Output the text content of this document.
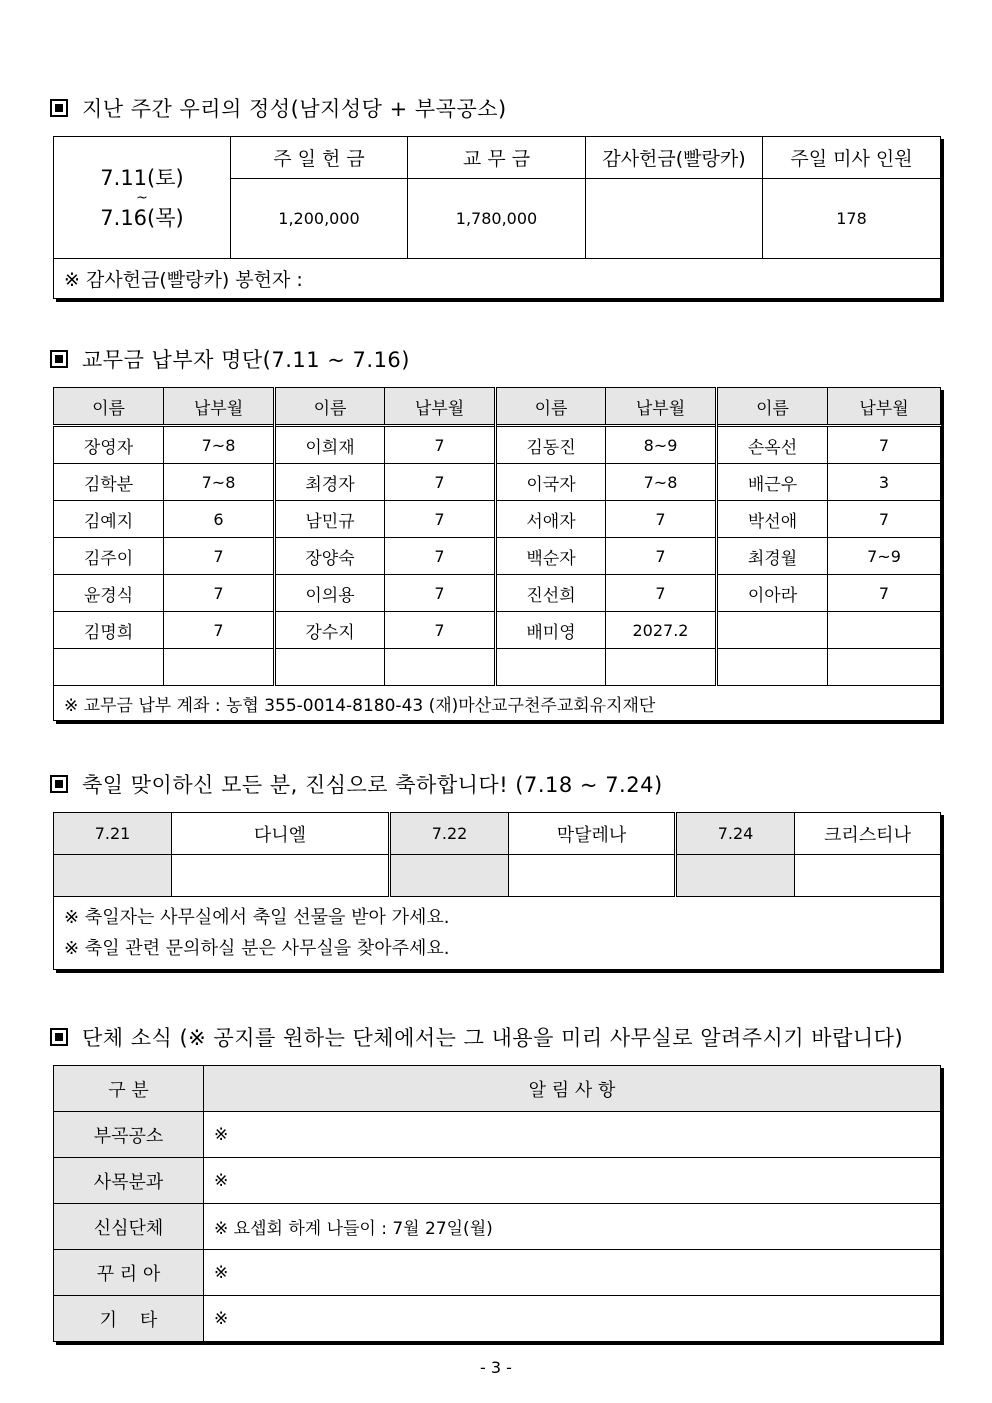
지난 주간 우리의 정성(남지성당 + 부곡공소)
7.11(토)
~
7.16(목)	주 일 헌 금	교 무 금	감사헌금(빨랑카)	주일 미사 인원
	1,200,000	1,780,000		178
※ 감사헌금(빨랑카) 봉헌자 :				
교무금 납부자 명단(7.11 ~ 7.16)
이름	납부월	이름	납부월	이름	납부월	이름	납부월
장영자	7~8	이희재	7	김동진	8~9	손옥선	7
김학분	7~8	최경자	7	이국자	7~8	배근우	3
김예지	6	남민규	7	서애자	7	박선애	7
김주이	7	장양숙	7	백순자	7	최경월	7~9
윤경식	7	이의용	7	진선희	7	이아라	7
김명희	7	강수지	7	배미영	2027.2		

※ 교무금 납부 계좌 : 농협 355-0014-8180-43 (재)마산교구천주교회유지재단							
축일 맞이하신 모든 분, 진심으로 축하합니다! (7.18 ~ 7.24)
7.21	다니엘	7.22	막달레나	7.24	크리스티나

※ 축일자는 사무실에서 축일 선물을 받아 가세요.
※ 축일 관련 문의하실 분은 사무실을 찾아주세요.					
단체 소식 (※ 공지를 원하는 단체에서는 그 내용을 미리 사무실로 알려주시기 바랍니다)
구 분	알 림 사 항
부곡공소	※
사목분과	※
신심단체	※ 요셉회 하계 나들이 : 7월 27일(월)
꾸 리 아	※
기    타	※
- 3 -
